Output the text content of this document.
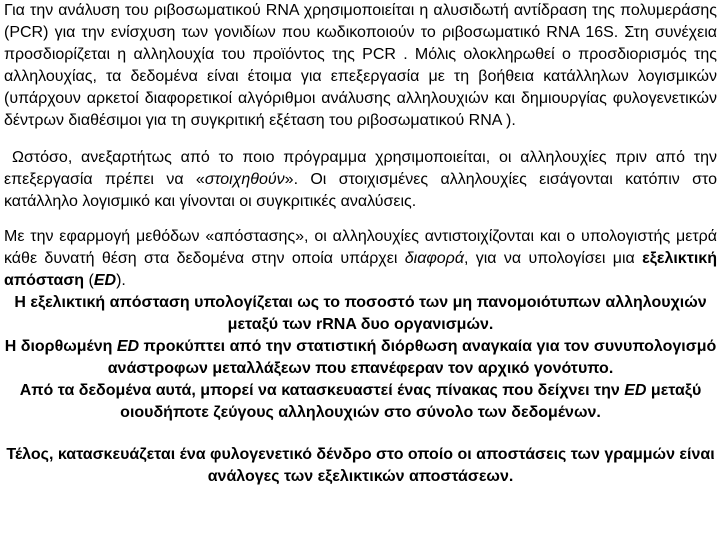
Για την ανάλυση του ριβοσωματικού RNA χρησιμοποιείται η αλυσιδωτή αντίδραση της πολυμεράσης (PCR) για την ενίσχυση των γονιδίων που κωδικοποιούν το ριβοσωματικό RNA 16S. Στη συνέχεια προσδιορίζεται η αλληλουχία του προϊόντος της PCR . Μόλις ολοκληρωθεί ο προσδιορισμός της αλληλουχίας, τα δεδομένα είναι έτοιμα για επεξεργασία με τη βοήθεια κατάλληλων λογισμικών (υπάρχουν αρκετοί διαφορετικοί αλγόριθμοι ανάλυσης αλληλουχιών και δημιουργίας φυλογενετικών δέντρων διαθέσιμοι για τη συγκριτική εξέταση του ριβοσωματικού RNA ).

Ωστόσο, ανεξαρτήτως από το ποιο πρόγραμμα χρησιμοποιείται, οι αλληλουχίες πριν από την επεξεργασία πρέπει να «στοιχηθούν». Οι στοιχισμένες αλληλουχίες εισάγονται κατόπιν στο κατάλληλο λογισμικό και γίνονται οι συγκριτικές αναλύσεις.

Με την εφαρμογή μεθόδων «απόστασης», οι αλληλουχίες αντιστοιχίζονται και ο υπολογιστής μετρά κάθε δυνατή θέση στα δεδομένα στην οποία υπάρχει διαφορά, για να υπολογίσει μια εξελικτική απόσταση (ED).

Η εξελικτική απόσταση υπολογίζεται ως το ποσοστό των μη πανομοιότυπων αλληλουχιών μεταξύ των rRNA δυο οργανισμών.

Η διορθωμένη ED προκύπτει από την στατιστική διόρθωση αναγκαία για τον συνυπολογισμό ανάστροφων μεταλλάξεων που επανέφεραν τον αρχικό γονότυπο.

Από τα δεδομένα αυτά, μπορεί να κατασκευαστεί ένας πίνακας που δείχνει την ED μεταξύ οιουδήποτε ζεύγους αλληλουχιών στο σύνολο των δεδομένων.

Τέλος, κατασκευάζεται ένα φυλογενετικό δένδρο στο οποίο οι αποστάσεις των γραμμών είναι ανάλογες των εξελικτικών αποστάσεων.
